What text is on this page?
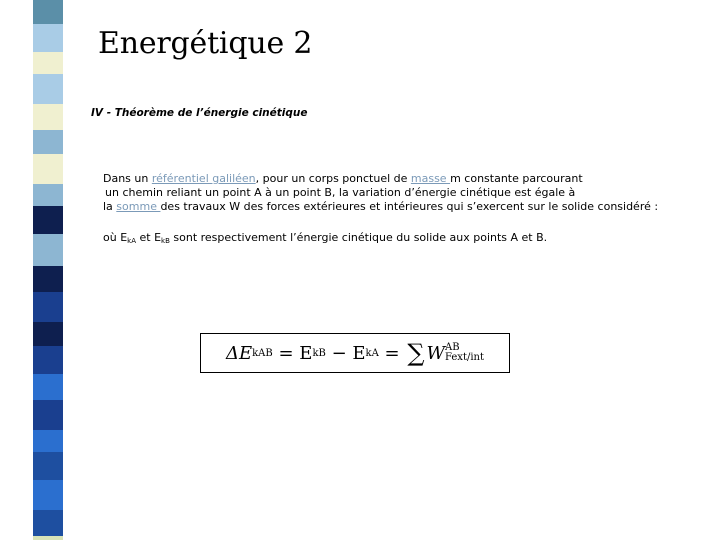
Energétique 2

IV - Théorème de l’énergie cinétique

Dans un référentiel galiléen, pour un corps ponctuel de masse m constante parcourant
un chemin reliant un point A à un point B, la variation d’énergie cinétique est égale à
la somme des travaux W des forces extérieures et intérieures qui s’exercent sur le solide considéré :
où $E_{kA}$ et $E_{kB}$ sont respectivement l’énergie cinétique du solide aux points A et B.
ΔE kAB = E kB − E kA = ∑ W AB
Fext/int
